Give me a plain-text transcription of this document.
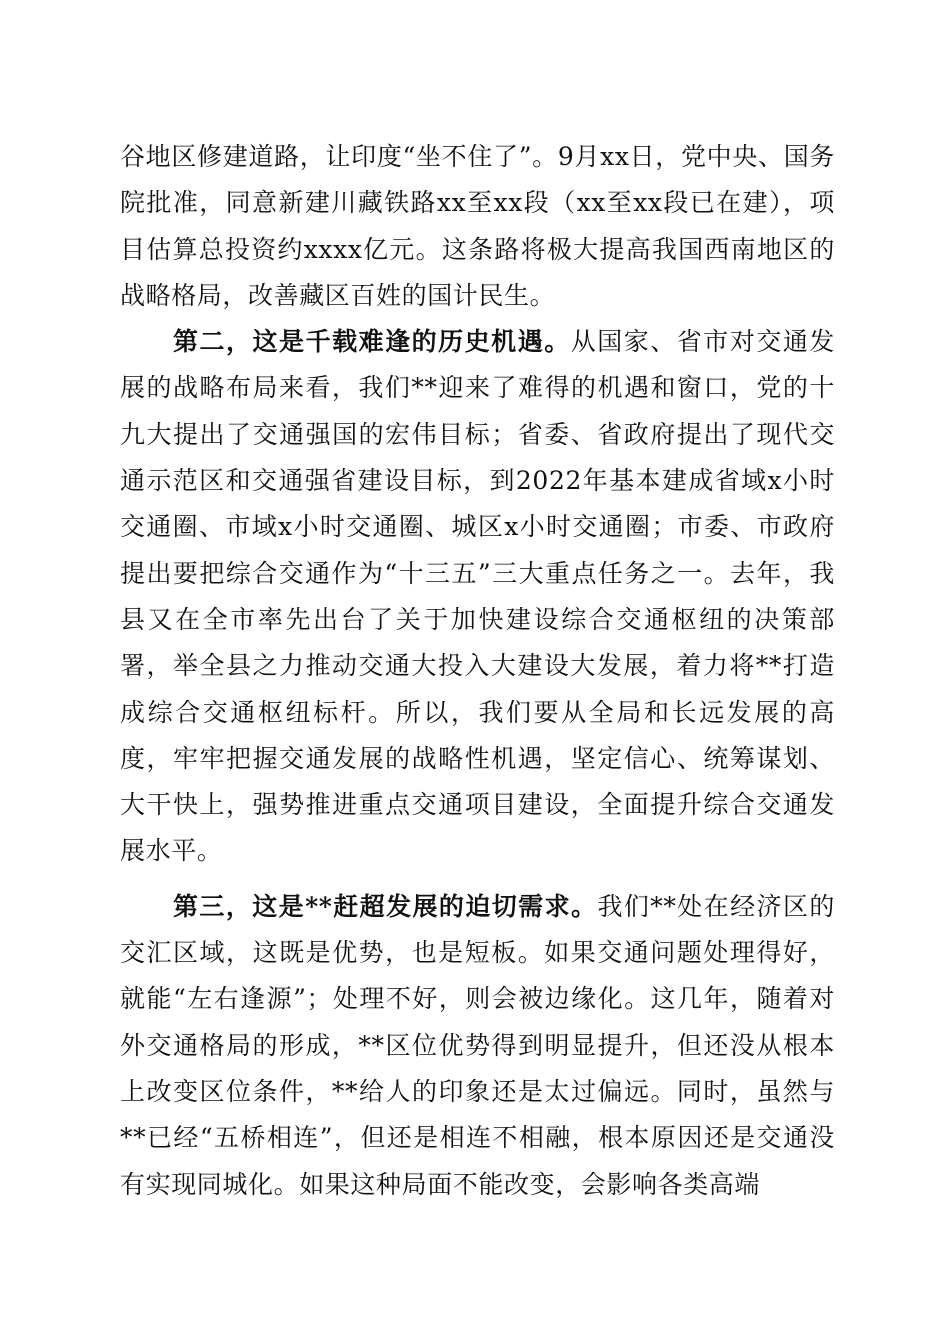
谷地区修建道路，让印度“坐不住了”。9月xx日，党中央、国务院批准，同意新建川藏铁路xx至xx段（xx至xx段已在建），项目估算总投资约xxxx亿元。这条路将极大提高我国西南地区的战略格局，改善藏区百姓的国计民生。

第二，这是千载难逢的历史机遇。从国家、省市对交通发展的战略布局来看，我们**迎来了难得的机遇和窗口，党的十九大提出了交通强国的宏伟目标；省委、省政府提出了现代交通示范区和交通强省建设目标，到2022年基本建成省域x小时交通圈、市域x小时交通圈、城区x小时交通圈；市委、市政府提出要把综合交通作为“十三五”三大重点任务之一。去年，我县又在全市率先出台了关于加快建设综合交通枢纽的决策部署，举全县之力推动交通大投入大建设大发展，着力将**打造成综合交通枢纽标杆。所以，我们要从全局和长远发展的高度，牢牢把握交通发展的战略性机遇，坚定信心、统筹谋划、大干快上，强势推进重点交通项目建设，全面提升综合交通发展水平。

第三，这是**赶超发展的迫切需求。我们**处在经济区的交汇区域，这既是优势，也是短板。如果交通问题处理得好，就能“左右逢源”；处理不好，则会被边缘化。这几年，随着对外交通格局的形成，**区位优势得到明显提升，但还没从根本上改变区位条件，**给人的印象还是太过偏远。同时，虽然与**已经“五桥相连”，但还是相连不相融，根本原因还是交通没有实现同城化。如果这种局面不能改变，会影响各类高端
